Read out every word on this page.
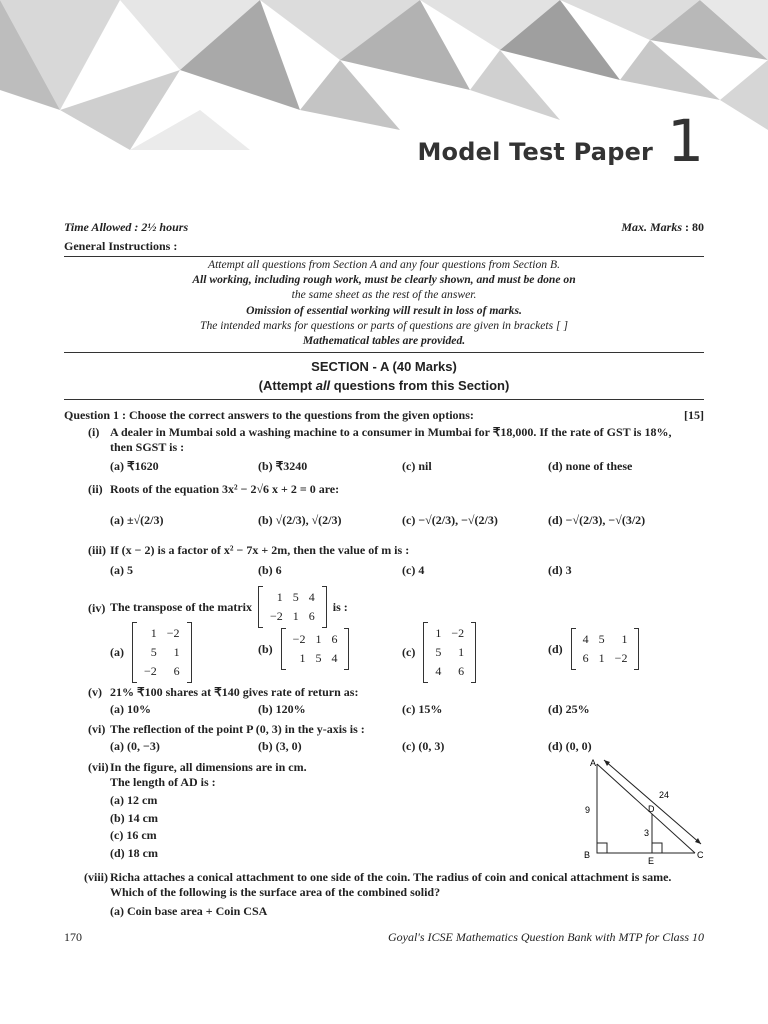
Model Test Paper 1
Time Allowed : 2½ hours	Max. Marks : 80
General Instructions :
Attempt all questions from Section A and any four questions from Section B.
All working, including rough work, must be clearly shown, and must be done on
the same sheet as the rest of the answer.
Omission of essential working will result in loss of marks.
The intended marks for questions or parts of questions are given in brackets [ ]
Mathematical tables are provided.
SECTION - A (40 Marks)
(Attempt all questions from this Section)
Question 1 : Choose the correct answers to the questions from the given options:	[15]
(i) A dealer in Mumbai sold a washing machine to a consumer in Mumbai for ₹18,000. If the rate of GST is 18%,
then SGST is :
(a) ₹1620	(b) ₹3240	(c) nil	(d) none of these
(ii) Roots of the equation 3x² − 2√6 x + 2 = 0 are:
(a) ±√(2/3)	(b) √(2/3), √(2/3)	(c) −√(2/3), −√(2/3)	(d) −√(2/3), −√(3/2)
(iii) If (x − 2) is a factor of x² − 7x + 2m, then the value of m is :
(a) 5	(b) 6	(c) 4	(d) 3
(iv) The transpose of the matrix
1	5	4
−2	1	6
is :
(a)
1	−2
5	1
−2	6
(b)
−2	1	6
1	5	4	(c)
1	−2
5	1
4	6
(d)
4	5	1
6	1	−2
(v) 21% ₹100 shares at ₹140 gives rate of return as:
(a) 10%	(b) 120%	(c) 15%	(d) 25%
(vi) The reflection of the point P (0, 3) in the y-axis is :
(a) (0, −3)	(b) (3, 0)	(c) (0, 3)	(d) (0, 0)
(vii) In the figure, all dimensions are in cm.
The length of AD is :
(a) 12 cm
(b) 14 cm
(c) 16 cm
(d) 18 cm
A
B	C
D
E
9
3
24
(viii) Richa attaches a conical attachment to one side of the coin. The radius of coin and conical attachment is same.
Which of the following is the surface area of the combined solid?
(a) Coin base area + Coin CSA
170	Goyal's ICSE Mathematics Question Bank with MTP for Class 10
